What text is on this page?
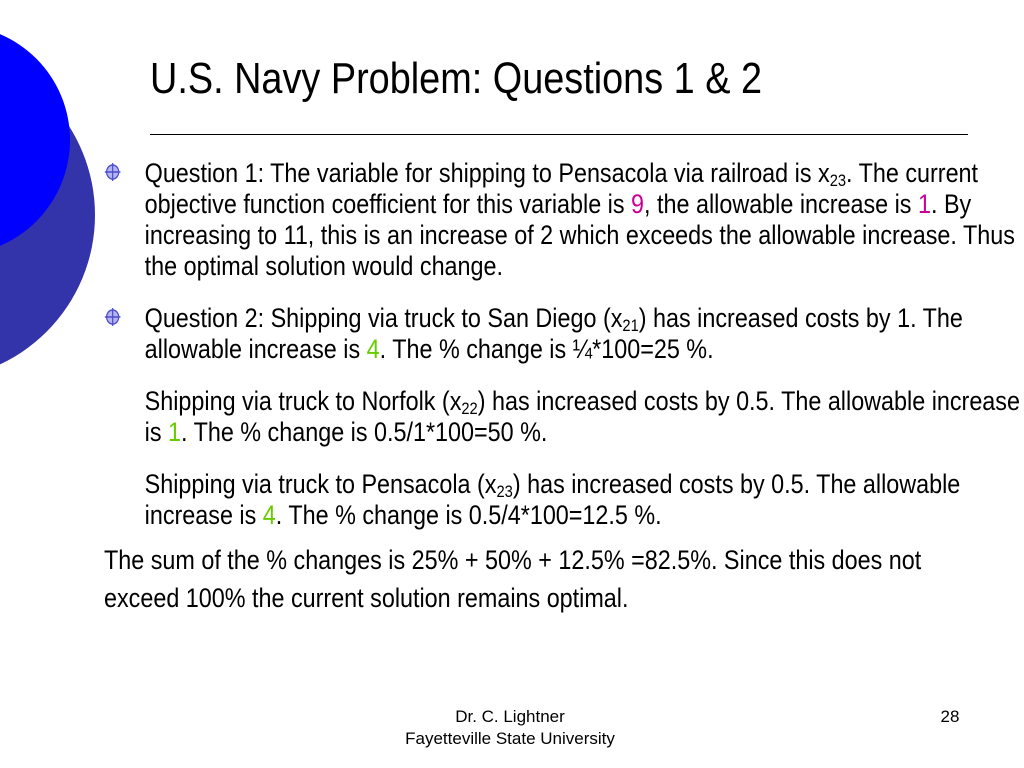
U.S. Navy Problem: Questions 1 & 2

Question 1: The variable for shipping to Pensacola via railroad is $x_{23}$. The current objective function coefficient for this variable is 9, the allowable increase is 1. By increasing to 11, this is an increase of 2 which exceeds the allowable increase. Thus the optimal solution would change.

Question 2: Shipping via truck to San Diego $(x_{21})$ has increased costs by 1. The allowable increase is 4. The % change is ¼*100=25 %.

Shipping via truck to Norfolk $(x_{22})$ has increased costs by 0.5. The allowable increase is 1. The % change is 0.5/1*100=50 %.

Shipping via truck to Pensacola $(x_{23})$ has increased costs by 0.5. The allowable increase is 4. The % change is 0.5/4*100=12.5 %.

The sum of the % changes is 25% + 50% + 12.5% =82.5%. Since this does not exceed 100% the current solution remains optimal.

Dr. C. Lightner
Fayetteville State University
28
